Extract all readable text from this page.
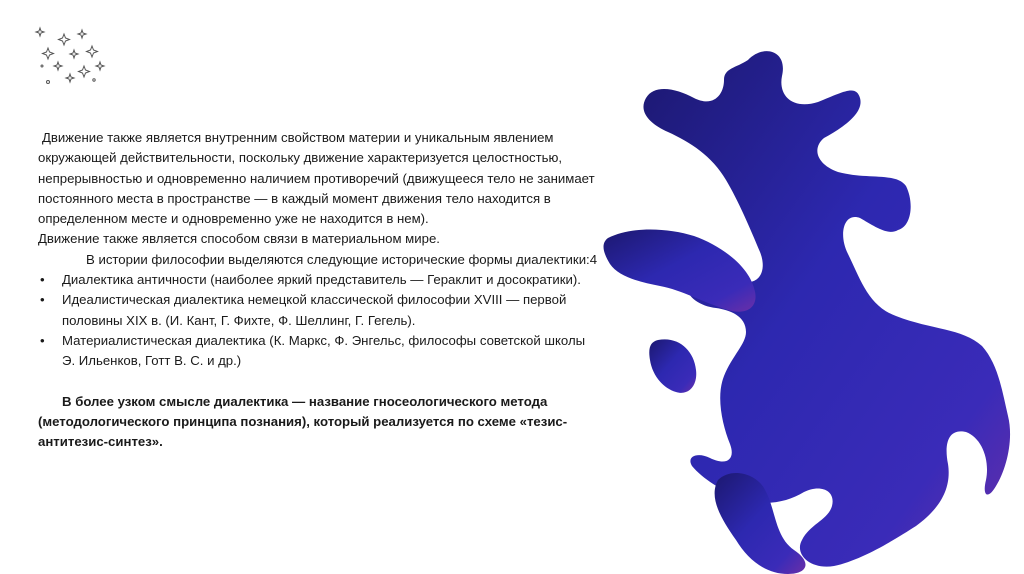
Движение также является внутренним свойством материи и уникальным явлением окружающей действительности, поскольку движение характеризуется целостностью, непрерывностью и одновременно наличием противоречий (движущееся тело не занимает постоянного места в пространстве — в каждый момент движения тело находится в определенном месте и одновременно уже не находится в нем).

Движение также является способом связи в материальном мире.

В истории философии выделяются следующие исторические формы диалектики:4

• Диалектика античности (наиболее яркий представитель — Гераклит и досократики).
• Идеалистическая диалектика немецкой классической философии XVIII — первой половины XIX в. (И. Кант, Г. Фихте, Ф. Шеллинг, Г. Гегель).
• Материалистическая диалектика (К. Маркс, Ф. Энгельс, философы советской школы Э. Ильенков, Готт В. С. и др.)

В более узком смысле диалектика — название гносеологического метода (методологического принципа познания), который реализуется по схеме «тезис-антитезис-синтез».	Диалектика
